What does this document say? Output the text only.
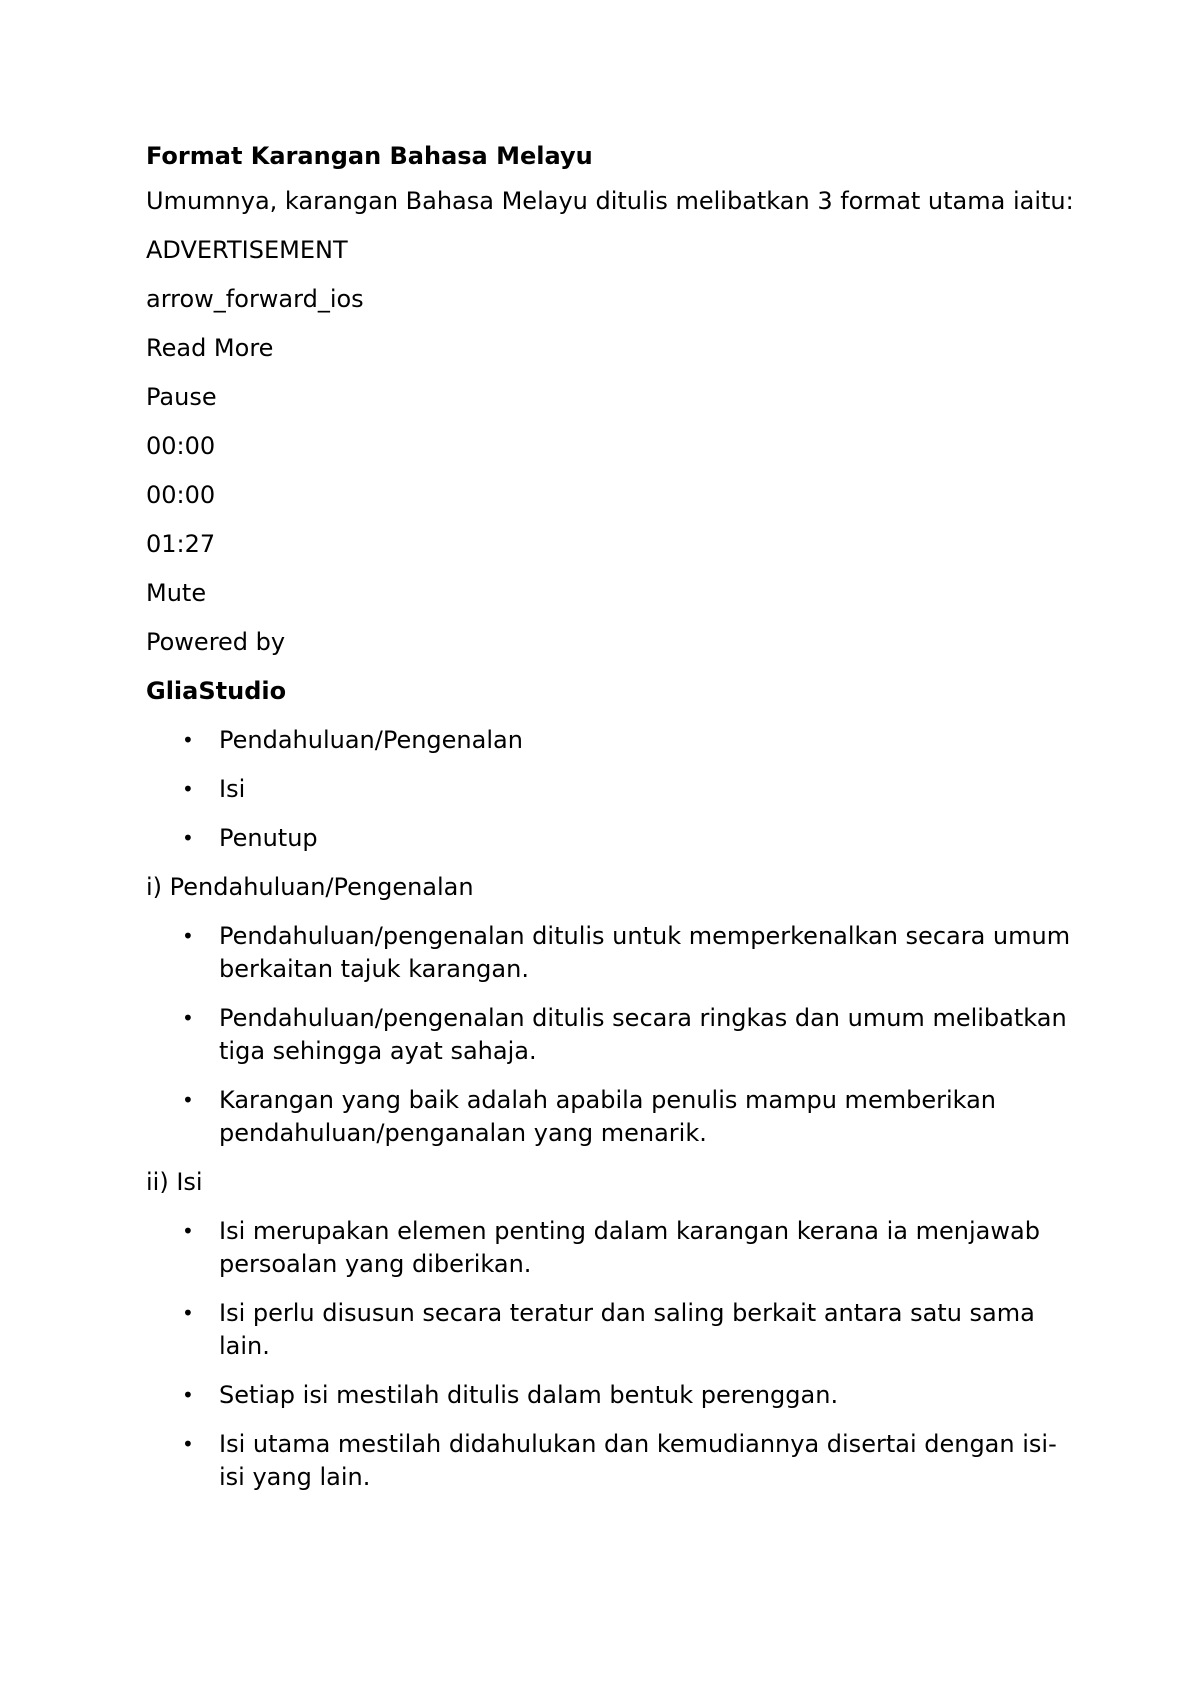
Format Karangan Bahasa Melayu
Umumnya, karangan Bahasa Melayu ditulis melibatkan 3 format utama iaitu:
ADVERTISEMENT
arrow_forward_ios
Read More
Pause
00:00
00:00
01:27
Mute
Powered by
GliaStudio
• Pendahuluan/Pengenalan
• Isi
• Penutup
i) Pendahuluan/Pengenalan
• Pendahuluan/pengenalan ditulis untuk memperkenalkan secara umum berkaitan tajuk karangan.
• Pendahuluan/pengenalan ditulis secara ringkas dan umum melibatkan tiga sehingga ayat sahaja.
• Karangan yang baik adalah apabila penulis mampu memberikan pendahuluan/penganalan yang menarik.
ii) Isi
• Isi merupakan elemen penting dalam karangan kerana ia menjawab persoalan yang diberikan.
• Isi perlu disusun secara teratur dan saling berkait antara satu sama lain.
• Setiap isi mestilah ditulis dalam bentuk perenggan.
• Isi utama mestilah didahulukan dan kemudiannya disertai dengan isi-isi yang lain.
